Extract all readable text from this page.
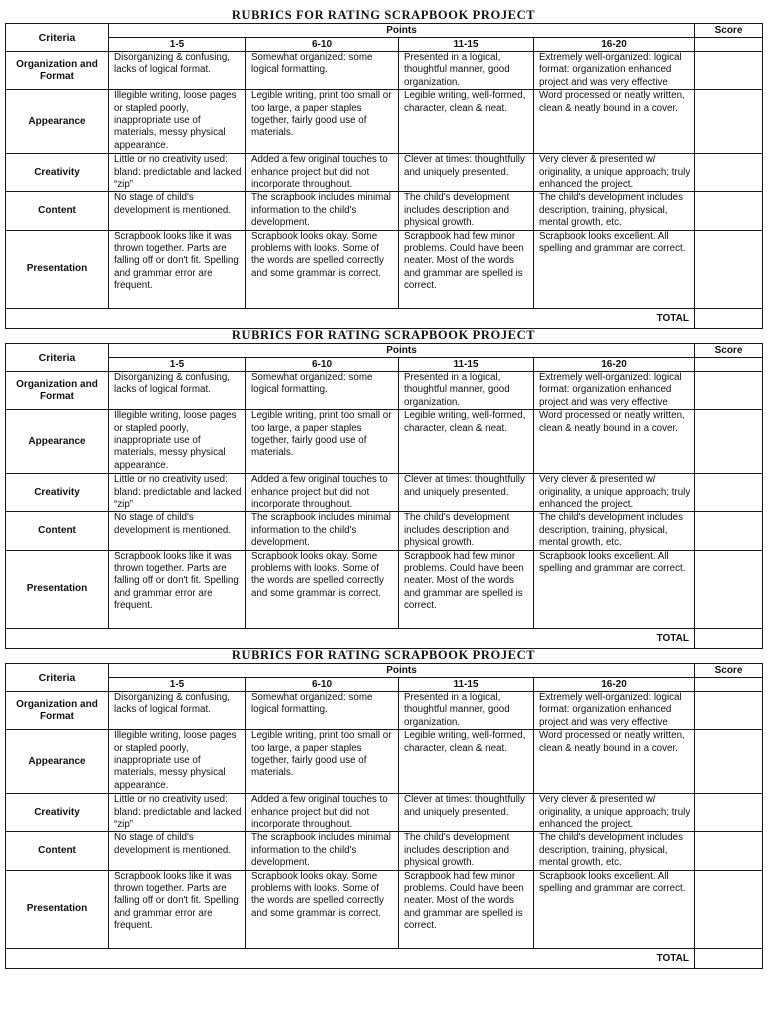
RUBRICS FOR RATING SCRAPBOOK PROJECT
Criteria	Points				Score
	1-5	6-10	11-15	16-20	
Organization and Format	Disorganizing & confusing, lacks of logical format.	Somewhat organized: some logical formatting.	Presented in a logical, thoughtful manner, good organization.	Extremely well-organized: logical format: organization enhanced project and was very effective	
Appearance	Illegible writing, loose pages or stapled poorly, inappropriate use of materials, messy physical appearance.	Legible writing, print too small or too large, a paper staples together, fairly good use of materials.	Legible writing, well-formed, character, clean & neat.	Word processed or neatly written, clean & neatly bound in a cover.	
Creativity	Little or no creativity used: bland: predictable and lacked “zip”	Added a few original touches to enhance project but did not incorporate throughout.	Clever at times: thoughtfully and uniquely presented.	Very clever & presented w/ originality, a unique approach; truly enhanced the project.	
Content	No stage of child's development is mentioned.	The scrapbook includes minimal information to the child's development.	The child's development includes description and physical growth.	The child's development includes description, training, physical, mental growth, etc.	
Presentation	Scrapbook looks like it was thrown together. Parts are falling off or don't fit. Spelling and grammar error are frequent.	Scrapbook looks okay. Some problems with looks. Some of the words are spelled correctly and some grammar is correct.	Scrapbook had few minor problems. Could have been neater. Most of the words and grammar are spelled is correct.	Scrapbook looks excellent. All spelling and grammar are correct.	
TOTAL					
RUBRICS FOR RATING SCRAPBOOK PROJECT
Criteria	Points				Score
	1-5	6-10	11-15	16-20	
Organization and Format	Disorganizing & confusing, lacks of logical format.	Somewhat organized: some logical formatting.	Presented in a logical, thoughtful manner, good organization.	Extremely well-organized: logical format: organization enhanced project and was very effective	
Appearance	Illegible writing, loose pages or stapled poorly, inappropriate use of materials, messy physical appearance.	Legible writing, print too small or too large, a paper staples together, fairly good use of materials.	Legible writing, well-formed, character, clean & neat.	Word processed or neatly written, clean & neatly bound in a cover.	
Creativity	Little or no creativity used: bland: predictable and lacked “zip”	Added a few original touches to enhance project but did not incorporate throughout.	Clever at times: thoughtfully and uniquely presented.	Very clever & presented w/ originality, a unique approach; truly enhanced the project.	
Content	No stage of child's development is mentioned.	The scrapbook includes minimal information to the child's development.	The child's development includes description and physical growth.	The child's development includes description, training, physical, mental growth, etc.	
Presentation	Scrapbook looks like it was thrown together. Parts are falling off or don't fit. Spelling and grammar error are frequent.	Scrapbook looks okay. Some problems with looks. Some of the words are spelled correctly and some grammar is correct.	Scrapbook had few minor problems. Could have been neater. Most of the words and grammar are spelled is correct.	Scrapbook looks excellent. All spelling and grammar are correct.	
TOTAL					
RUBRICS FOR RATING SCRAPBOOK PROJECT
Criteria	Points				Score
	1-5	6-10	11-15	16-20	
Organization and Format	Disorganizing & confusing, lacks of logical format.	Somewhat organized: some logical formatting.	Presented in a logical, thoughtful manner, good organization.	Extremely well-organized: logical format: organization enhanced project and was very effective	
Appearance	Illegible writing, loose pages or stapled poorly, inappropriate use of materials, messy physical appearance.	Legible writing, print too small or too large, a paper staples together, fairly good use of materials.	Legible writing, well-formed, character, clean & neat.	Word processed or neatly written, clean & neatly bound in a cover.	
Creativity	Little or no creativity used: bland: predictable and lacked “zip”	Added a few original touches to enhance project but did not incorporate throughout.	Clever at times: thoughtfully and uniquely presented.	Very clever & presented w/ originality, a unique approach; truly enhanced the project.	
Content	No stage of child's development is mentioned.	The scrapbook includes minimal information to the child's development.	The child's development includes description and physical growth.	The child's development includes description, training, physical, mental growth, etc.	
Presentation	Scrapbook looks like it was thrown together. Parts are falling off or don't fit. Spelling and grammar error are frequent.	Scrapbook looks okay. Some problems with looks. Some of the words are spelled correctly and some grammar is correct.	Scrapbook had few minor problems. Could have been neater. Most of the words and grammar are spelled is correct.	Scrapbook looks excellent. All spelling and grammar are correct.	
TOTAL					
